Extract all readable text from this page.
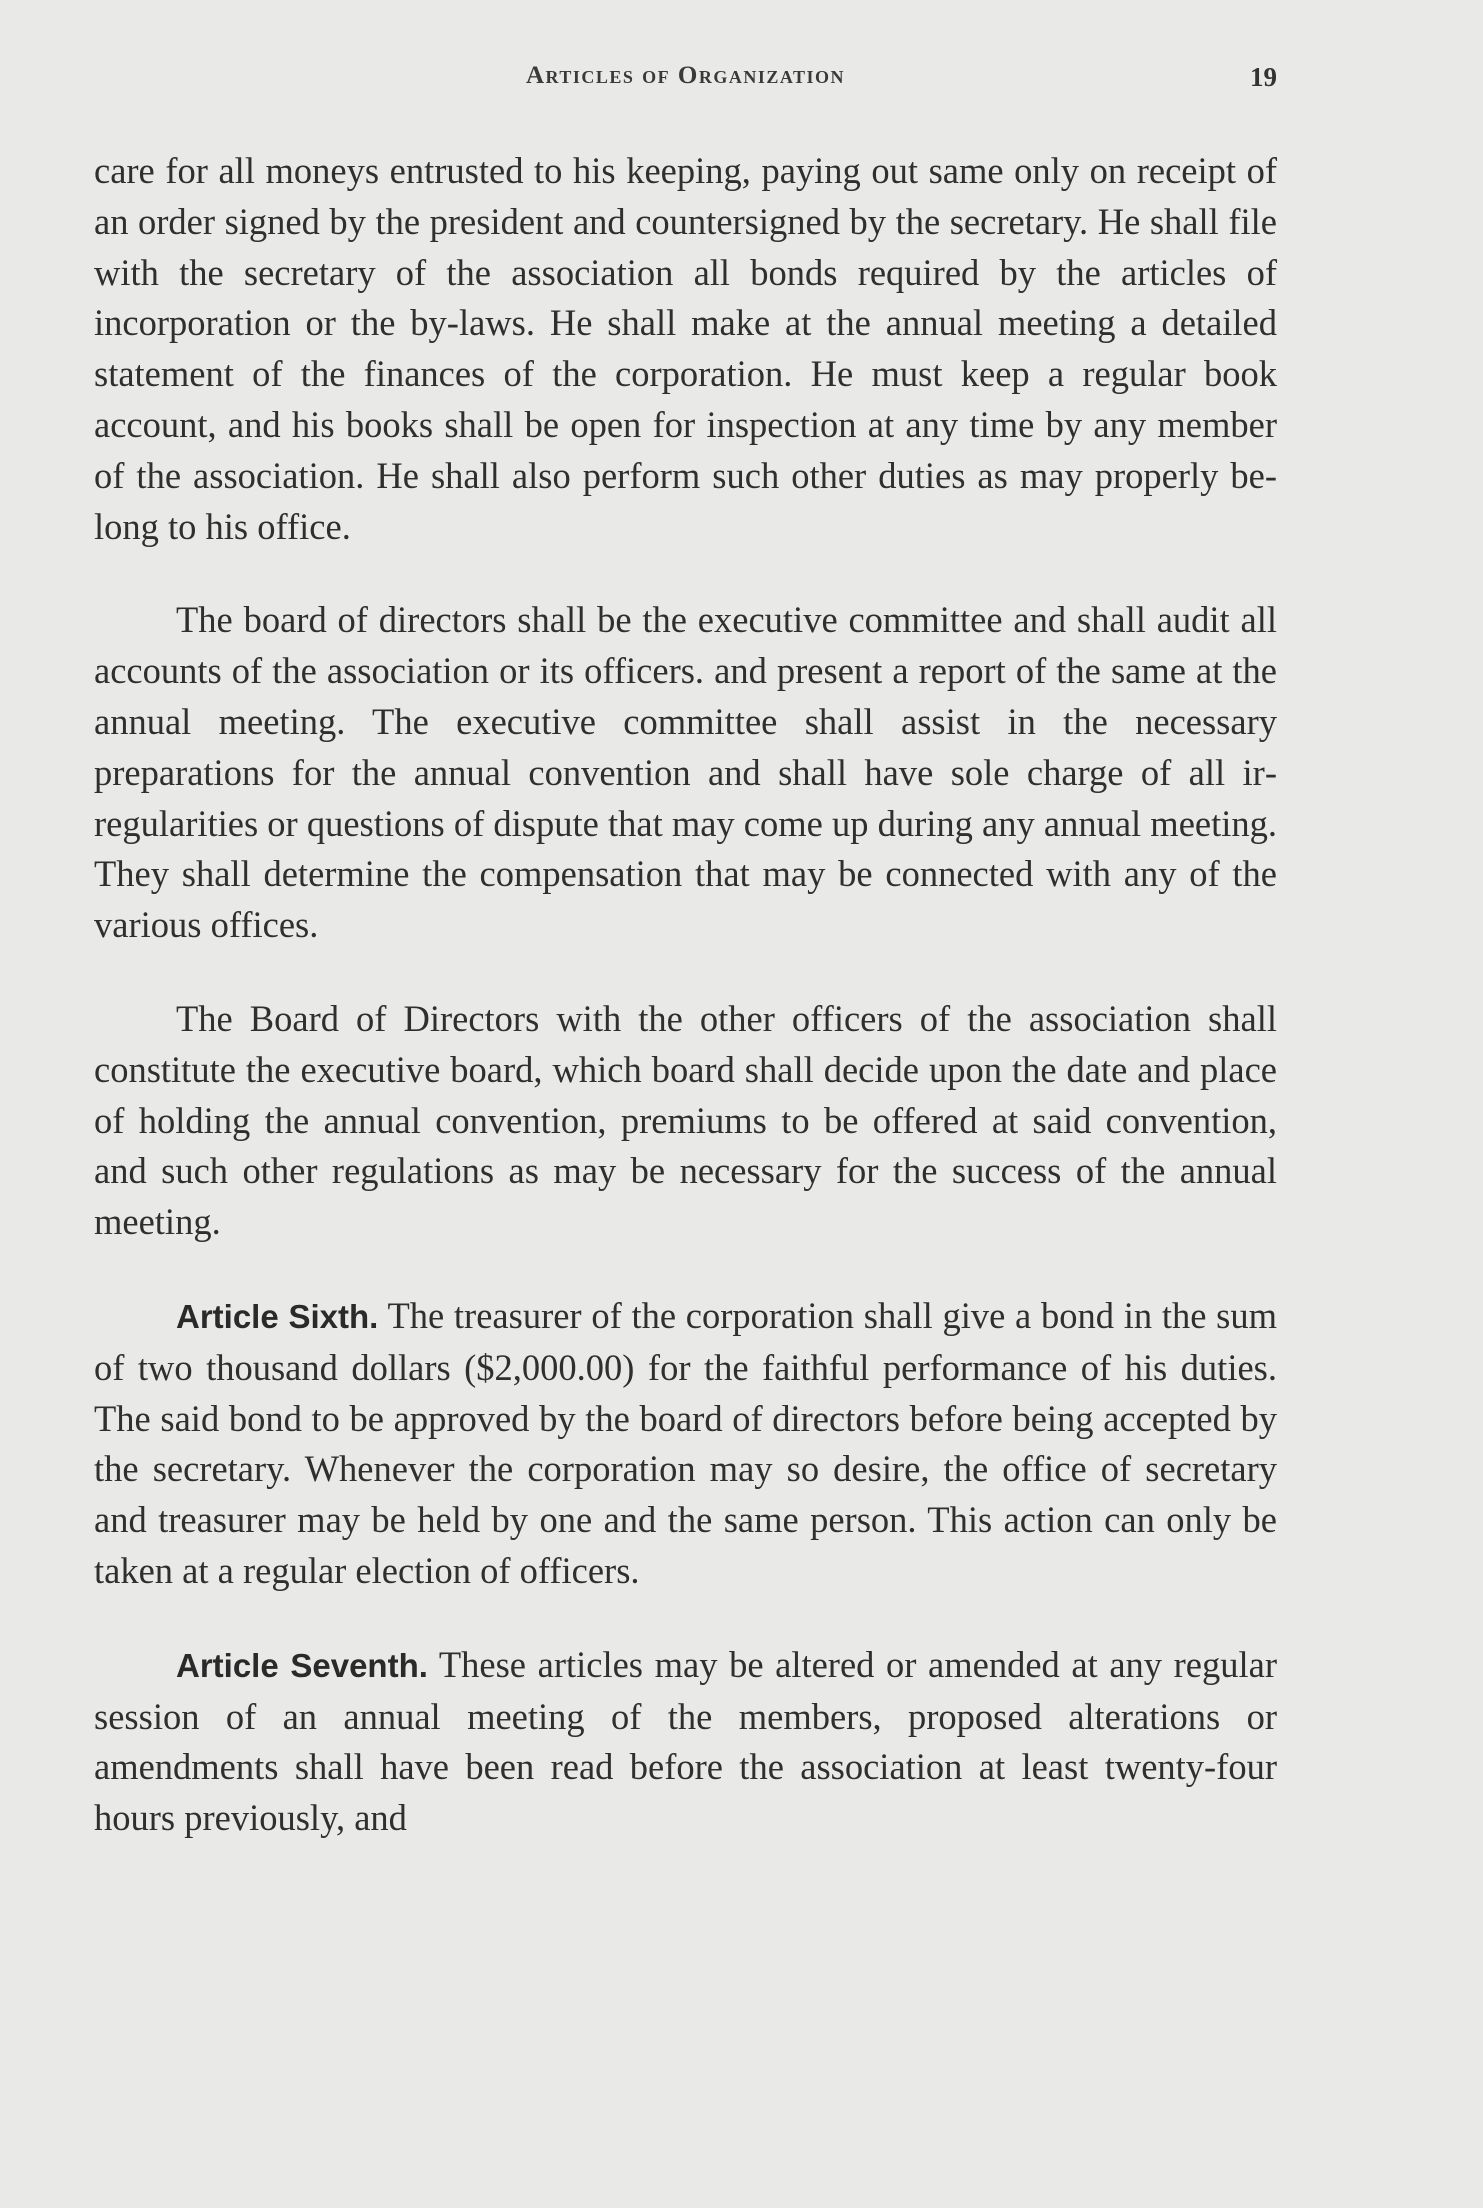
Articles of Organization	19

care for all moneys entrusted to his keeping, paying out same only on receipt of an order signed by the president and countersigned by the secretary. He shall file with the secretary of the association all bonds required by the articles of incorporation or the by-laws. He shall make at the annual meeting a detailed statement of the finances of the corporation. He must keep a regular book account, and his books shall be open for inspection at any time by any member of the association. He shall also perform such other duties as may properly belong to his office.

The board of directors shall be the executive committee and shall audit all accounts of the association or its officers. and present a report of the same at the annual meeting. The executive committee shall assist in the necessary preparations for the annual convention and shall have sole charge of all irregularities or questions of dispute that may come up during any annual meeting. They shall determine the compensation that may be connected with any of the various offices.

The Board of Directors with the other officers of the association shall constitute the executive board, which board shall decide upon the date and place of holding the annual convention, premiums to be offered at said convention, and such other regulations as may be necessary for the success of the annual meeting.

Article Sixth. The treasurer of the corporation shall give a bond in the sum of two thousand dollars ($2,000.00) for the faithful performance of his duties. The said bond to be approved by the board of directors before being accepted by the secretary. Whenever the corporation may so desire, the office of secretary and treasurer may be held by one and the same person. This action can only be taken at a regular election of officers.

Article Seventh. These articles may be altered or amended at any regular session of an annual meeting of the members, proposed alterations or amendments shall have been read before the association at least twenty-four hours previously, and
